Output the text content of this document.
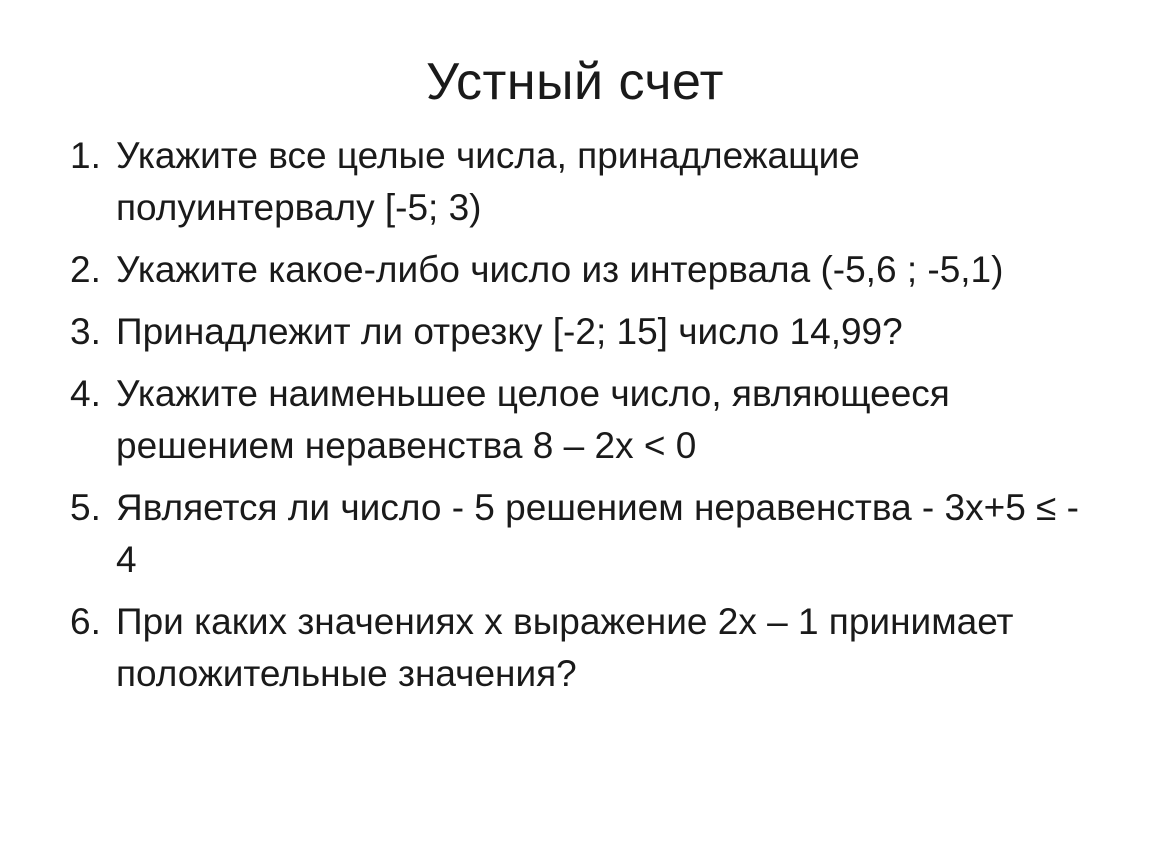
Устный счет
1. Укажите все целые числа, принадлежащие полуинтервалу [-5; 3)
2. Укажите какое-либо число из интервала (-5,6 ; -5,1)
3. Принадлежит ли отрезку [-2; 15] число 14,99?
4. Укажите наименьшее целое число, являющееся решением неравенства 8 – 2х < 0
5. Является ли число - 5 решением неравенства - 3х+5 ≤ - 4
6. При каких значениях х выражение 2х – 1 принимает положительные значения?
